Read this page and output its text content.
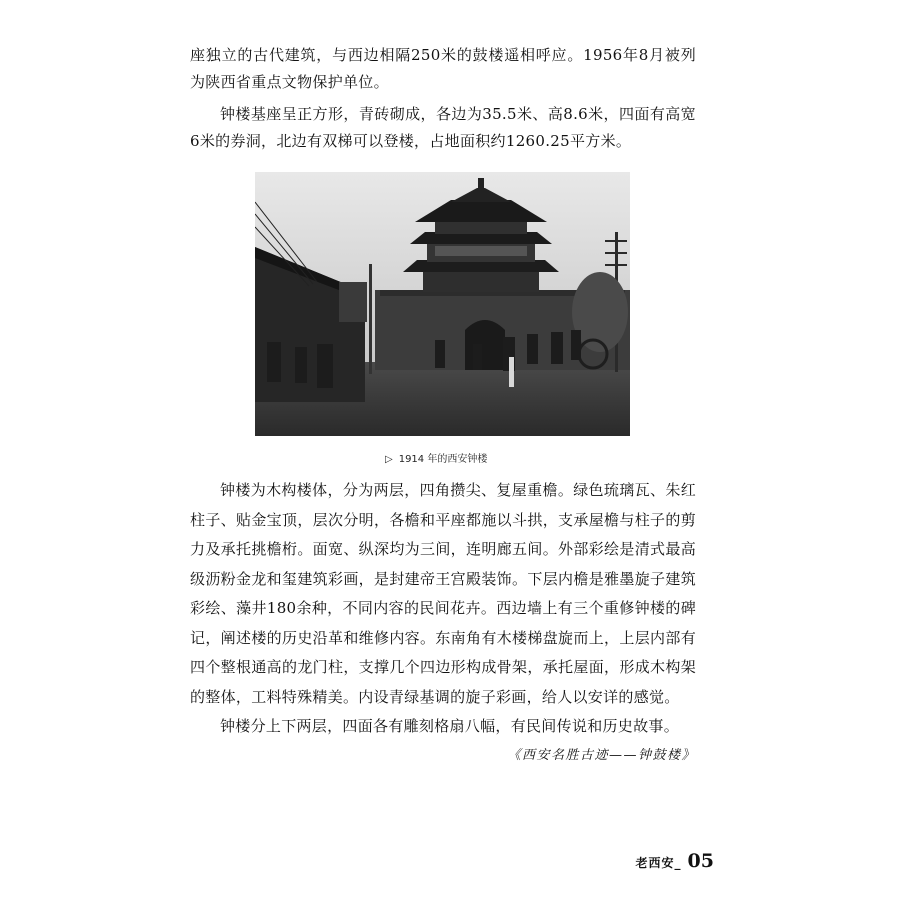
座独立的古代建筑，与西边相隔250米的鼓楼遥相呼应。1956年8月被列为陕西省重点文物保护单位。

钟楼基座呈正方形，青砖砌成，各边为35.5米、高8.6米，四面有高宽6米的券洞，北边有双梯可以登楼，占地面积约1260.25平方米。

▷ 1914 年的西安钟楼

钟楼为木构楼体，分为两层，四角攒尖、复屋重檐。绿色琉璃瓦、朱红柱子、贴金宝顶，层次分明，各檐和平座都施以斗拱，支承屋檐与柱子的剪力及承托挑檐桁。面宽、纵深均为三间，连明廊五间。外部彩绘是清式最高级沥粉金龙和玺建筑彩画，是封建帝王宫殿装饰。下层内檐是雅墨旋子建筑彩绘、藻井180余种，不同内容的民间花卉。西边墙上有三个重修钟楼的碑记，阐述楼的历史沿革和维修内容。东南角有木楼梯盘旋而上，上层内部有四个整根通高的龙门柱，支撑几个四边形构成骨架，承托屋面，形成木构架的整体，工料特殊精美。内设青绿基调的旋子彩画，给人以安详的感觉。

钟楼分上下两层，四面各有雕刻格扇八幅，有民间传说和历史故事。

《西安名胜古迹——钟鼓楼》

老西安_ 05
